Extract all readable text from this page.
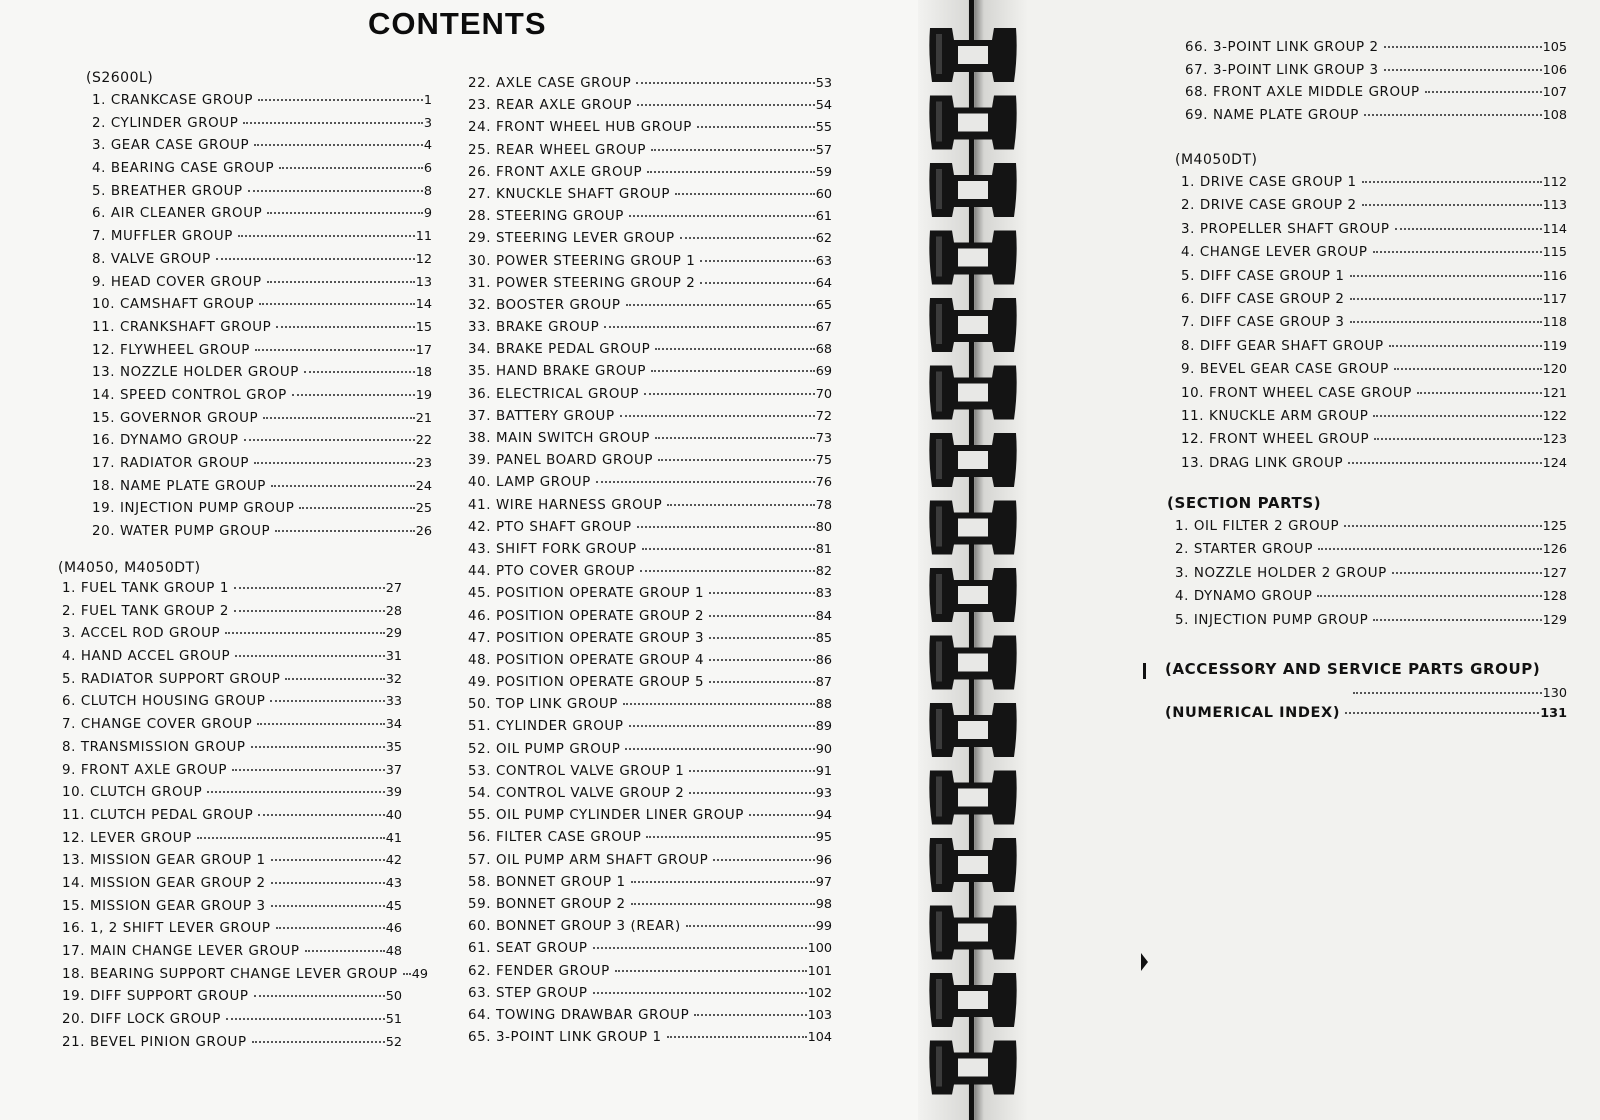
CONTENTS
(S2600L)
1. CRANKCASE GROUP	1
2. CYLINDER GROUP	3
3. GEAR CASE GROUP	4
4. BEARING CASE GROUP	6
5. BREATHER GROUP	8
6. AIR CLEANER GROUP	9
7. MUFFLER GROUP	11
8. VALVE GROUP	12
9. HEAD COVER GROUP	13
10. CAMSHAFT GROUP	14
11. CRANKSHAFT GROUP	15
12. FLYWHEEL GROUP	17
13. NOZZLE HOLDER GROUP	18
14. SPEED CONTROL GROP	19
15. GOVERNOR GROUP	21
16. DYNAMO GROUP	22
17. RADIATOR GROUP	23
18. NAME PLATE GROUP	24
19. INJECTION PUMP GROUP	25
20. WATER PUMP GROUP	26
(M4050, M4050DT)
1. FUEL TANK GROUP 1	27
2. FUEL TANK GROUP 2	28
3. ACCEL ROD GROUP	29
4. HAND ACCEL GROUP	31
5. RADIATOR SUPPORT GROUP	32
6. CLUTCH HOUSING GROUP	33
7. CHANGE COVER GROUP	34
8. TRANSMISSION GROUP	35
9. FRONT AXLE GROUP	37
10. CLUTCH GROUP	39
11. CLUTCH PEDAL GROUP	40
12. LEVER GROUP	41
13. MISSION GEAR GROUP 1	42
14. MISSION GEAR GROUP 2	43
15. MISSION GEAR GROUP 3	45
16. 1, 2 SHIFT LEVER GROUP	46
17. MAIN CHANGE LEVER GROUP	48
18. BEARING SUPPORT CHANGE LEVER GROUP 49
19. DIFF SUPPORT GROUP	50
20. DIFF LOCK GROUP	51
21. BEVEL PINION GROUP	52
22. AXLE CASE GROUP	53
23. REAR AXLE GROUP	54
24. FRONT WHEEL HUB GROUP	55
25. REAR WHEEL GROUP	57
26. FRONT AXLE GROUP	59
27. KNUCKLE SHAFT GROUP	60
28. STEERING GROUP	61
29. STEERING LEVER GROUP	62
30. POWER STEERING GROUP 1	63
31. POWER STEERING GROUP 2	64
32. BOOSTER GROUP	65
33. BRAKE GROUP	67
34. BRAKE PEDAL GROUP	68
35. HAND BRAKE GROUP	69
36. ELECTRICAL GROUP	70
37. BATTERY GROUP	72
38. MAIN SWITCH GROUP	73
39. PANEL BOARD GROUP	75
40. LAMP GROUP	76
41. WIRE HARNESS GROUP	78
42. PTO SHAFT GROUP	80
43. SHIFT FORK GROUP	81
44. PTO COVER GROUP	82
45. POSITION OPERATE GROUP 1	83
46. POSITION OPERATE GROUP 2	84
47. POSITION OPERATE GROUP 3	85
48. POSITION OPERATE GROUP 4	86
49. POSITION OPERATE GROUP 5	87
50. TOP LINK GROUP	88
51. CYLINDER GROUP	89
52. OIL PUMP GROUP	90
53. CONTROL VALVE GROUP 1	91
54. CONTROL VALVE GROUP 2	93
55. OIL PUMP CYLINDER LINER GROUP	94
56. FILTER CASE GROUP	95
57. OIL PUMP ARM SHAFT GROUP	96
58. BONNET GROUP 1	97
59. BONNET GROUP 2	98
60. BONNET GROUP 3 (REAR)	99
61. SEAT GROUP	100
62. FENDER GROUP	101
63. STEP GROUP	102
64. TOWING DRAWBAR GROUP	103
65. 3-POINT LINK GROUP 1	104
66. 3-POINT LINK GROUP 2	105
67. 3-POINT LINK GROUP 3	106
68. FRONT AXLE MIDDLE GROUP	107
69. NAME PLATE GROUP	108
(M4050DT)
1. DRIVE CASE GROUP 1	112
2. DRIVE CASE GROUP 2	113
3. PROPELLER SHAFT GROUP	114
4. CHANGE LEVER GROUP	115
5. DIFF CASE GROUP 1	116
6. DIFF CASE GROUP 2	117
7. DIFF CASE GROUP 3	118
8. DIFF GEAR SHAFT GROUP	119
9. BEVEL GEAR CASE GROUP	120
10. FRONT WHEEL CASE GROUP	121
11. KNUCKLE ARM GROUP	122
12. FRONT WHEEL GROUP	123
13. DRAG LINK GROUP	124
(SECTION PARTS)
1. OIL FILTER 2 GROUP	125
2. STARTER GROUP	126
3. NOZZLE HOLDER 2 GROUP	127
4. DYNAMO GROUP	128
5. INJECTION PUMP GROUP	129
(ACCESSORY AND SERVICE PARTS GROUP)
130
(NUMERICAL INDEX)	131
